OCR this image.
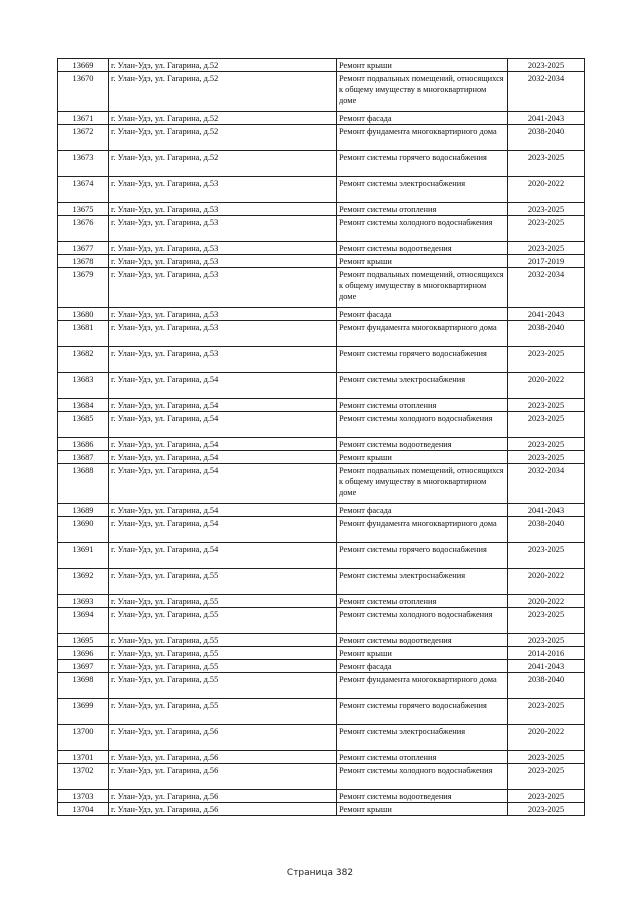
13669	г. Улан-Удэ, ул. Гагарина, д.52	Ремонт крыши	2023-2025
13670	г. Улан-Удэ, ул. Гагарина, д.52	Ремонт подвальных помещений, относящихся к общему имуществу в многоквартирном доме	2032-2034
13671	г. Улан-Удэ, ул. Гагарина, д.52	Ремонт фасада	2041-2043
13672	г. Улан-Удэ, ул. Гагарина, д.52	Ремонт фундамента многоквартирного дома	2038-2040
13673	г. Улан-Удэ, ул. Гагарина, д.52	Ремонт системы горячего водоснабжения	2023-2025
13674	г. Улан-Удэ, ул. Гагарина, д.53	Ремонт системы электроснабжения	2020-2022
13675	г. Улан-Удэ, ул. Гагарина, д.53	Ремонт системы отопления	2023-2025
13676	г. Улан-Удэ, ул. Гагарина, д.53	Ремонт системы холодного водоснабжения	2023-2025
13677	г. Улан-Удэ, ул. Гагарина, д.53	Ремонт системы водоотведения	2023-2025
13678	г. Улан-Удэ, ул. Гагарина, д.53	Ремонт крыши	2017-2019
13679	г. Улан-Удэ, ул. Гагарина, д.53	Ремонт подвальных помещений, относящихся к общему имуществу в многоквартирном доме	2032-2034
13680	г. Улан-Удэ, ул. Гагарина, д.53	Ремонт фасада	2041-2043
13681	г. Улан-Удэ, ул. Гагарина, д.53	Ремонт фундамента многоквартирного дома	2038-2040
13682	г. Улан-Удэ, ул. Гагарина, д.53	Ремонт системы горячего водоснабжения	2023-2025
13683	г. Улан-Удэ, ул. Гагарина, д.54	Ремонт системы электроснабжения	2020-2022
13684	г. Улан-Удэ, ул. Гагарина, д.54	Ремонт системы отопления	2023-2025
13685	г. Улан-Удэ, ул. Гагарина, д.54	Ремонт системы холодного водоснабжения	2023-2025
13686	г. Улан-Удэ, ул. Гагарина, д.54	Ремонт системы водоотведения	2023-2025
13687	г. Улан-Удэ, ул. Гагарина, д.54	Ремонт крыши	2023-2025
13688	г. Улан-Удэ, ул. Гагарина, д.54	Ремонт подвальных помещений, относящихся к общему имуществу в многоквартирном доме	2032-2034
13689	г. Улан-Удэ, ул. Гагарина, д.54	Ремонт фасада	2041-2043
13690	г. Улан-Удэ, ул. Гагарина, д.54	Ремонт фундамента многоквартирного дома	2038-2040
13691	г. Улан-Удэ, ул. Гагарина, д.54	Ремонт системы горячего водоснабжения	2023-2025
13692	г. Улан-Удэ, ул. Гагарина, д.55	Ремонт системы электроснабжения	2020-2022
13693	г. Улан-Удэ, ул. Гагарина, д.55	Ремонт системы отопления	2020-2022
13694	г. Улан-Удэ, ул. Гагарина, д.55	Ремонт системы холодного водоснабжения	2023-2025
13695	г. Улан-Удэ, ул. Гагарина, д.55	Ремонт системы водоотведения	2023-2025
13696	г. Улан-Удэ, ул. Гагарина, д.55	Ремонт крыши	2014-2016
13697	г. Улан-Удэ, ул. Гагарина, д.55	Ремонт фасада	2041-2043
13698	г. Улан-Удэ, ул. Гагарина, д.55	Ремонт фундамента многоквартирного дома	2038-2040
13699	г. Улан-Удэ, ул. Гагарина, д.55	Ремонт системы горячего водоснабжения	2023-2025
13700	г. Улан-Удэ, ул. Гагарина, д.56	Ремонт системы электроснабжения	2020-2022
13701	г. Улан-Удэ, ул. Гагарина, д.56	Ремонт системы отопления	2023-2025
13702	г. Улан-Удэ, ул. Гагарина, д.56	Ремонт системы холодного водоснабжения	2023-2025
13703	г. Улан-Удэ, ул. Гагарина, д.56	Ремонт системы водоотведения	2023-2025
13704	г. Улан-Удэ, ул. Гагарина, д.56	Ремонт крыши	2023-2025
Страница 382
